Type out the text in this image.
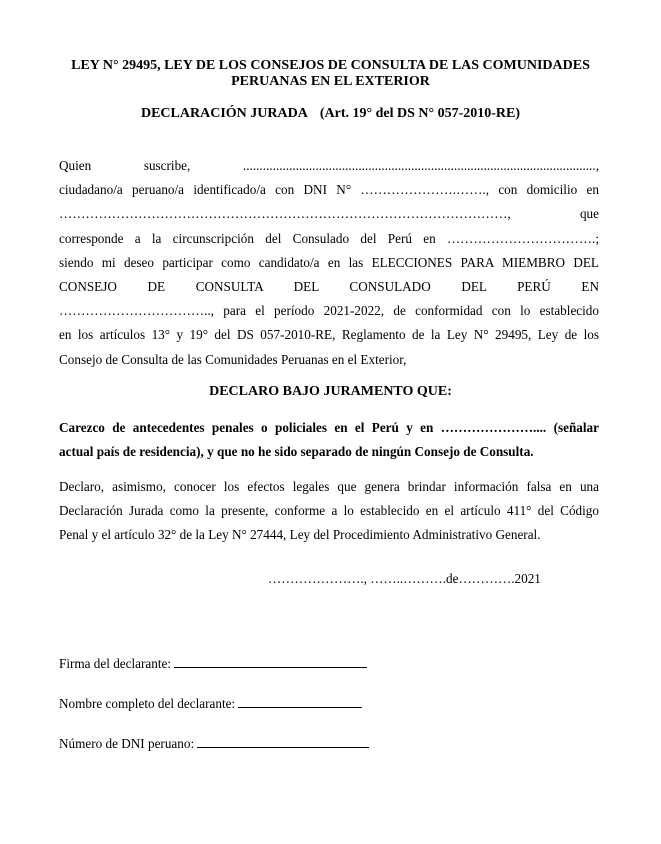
LEY N° 29495, LEY DE LOS CONSEJOS DE CONSULTA DE LAS COMUNIDADES PERUANAS EN EL EXTERIOR
DECLARACIÓN JURADA (Art. 19° del DS N° 057-2010-RE)
Quien suscribe, ...........................................................................................................,
ciudadano/a peruano/a identificado/a con DNI N° ………………….……., con domicilio en
…………………………………………………………………………………………, que
corresponde a la circunscripción del Consulado del Perú en …………………………….;
siendo mi deseo participar como candidato/a en las ELECCIONES PARA MIEMBRO DEL
CONSEJO DE CONSULTA DEL CONSULADO DEL PERÚ EN
…………………………….., para el período 2021-2022, de conformidad con lo establecido
en los artículos 13° y 19° del DS 057-2010-RE, Reglamento de la Ley N° 29495, Ley de los
Consejo de Consulta de las Comunidades Peruanas en el Exterior,
DECLARO BAJO JURAMENTO QUE:
Carezco de antecedentes penales o policiales en el Perú y en ………………….... (señalar
actual país de residencia), y que no he sido separado de ningún Consejo de Consulta.
Declaro, asimismo, conocer los efectos legales que genera brindar información falsa en una
Declaración Jurada como la presente, conforme a lo establecido en el artículo 411° del Código
Penal y el artículo 32° de la Ley N° 27444, Ley del Procedimiento Administrativo General.
…………………., ……..……….de………….2021
Firma del declarante:
Nombre completo del declarante:
Número de DNI peruano:
